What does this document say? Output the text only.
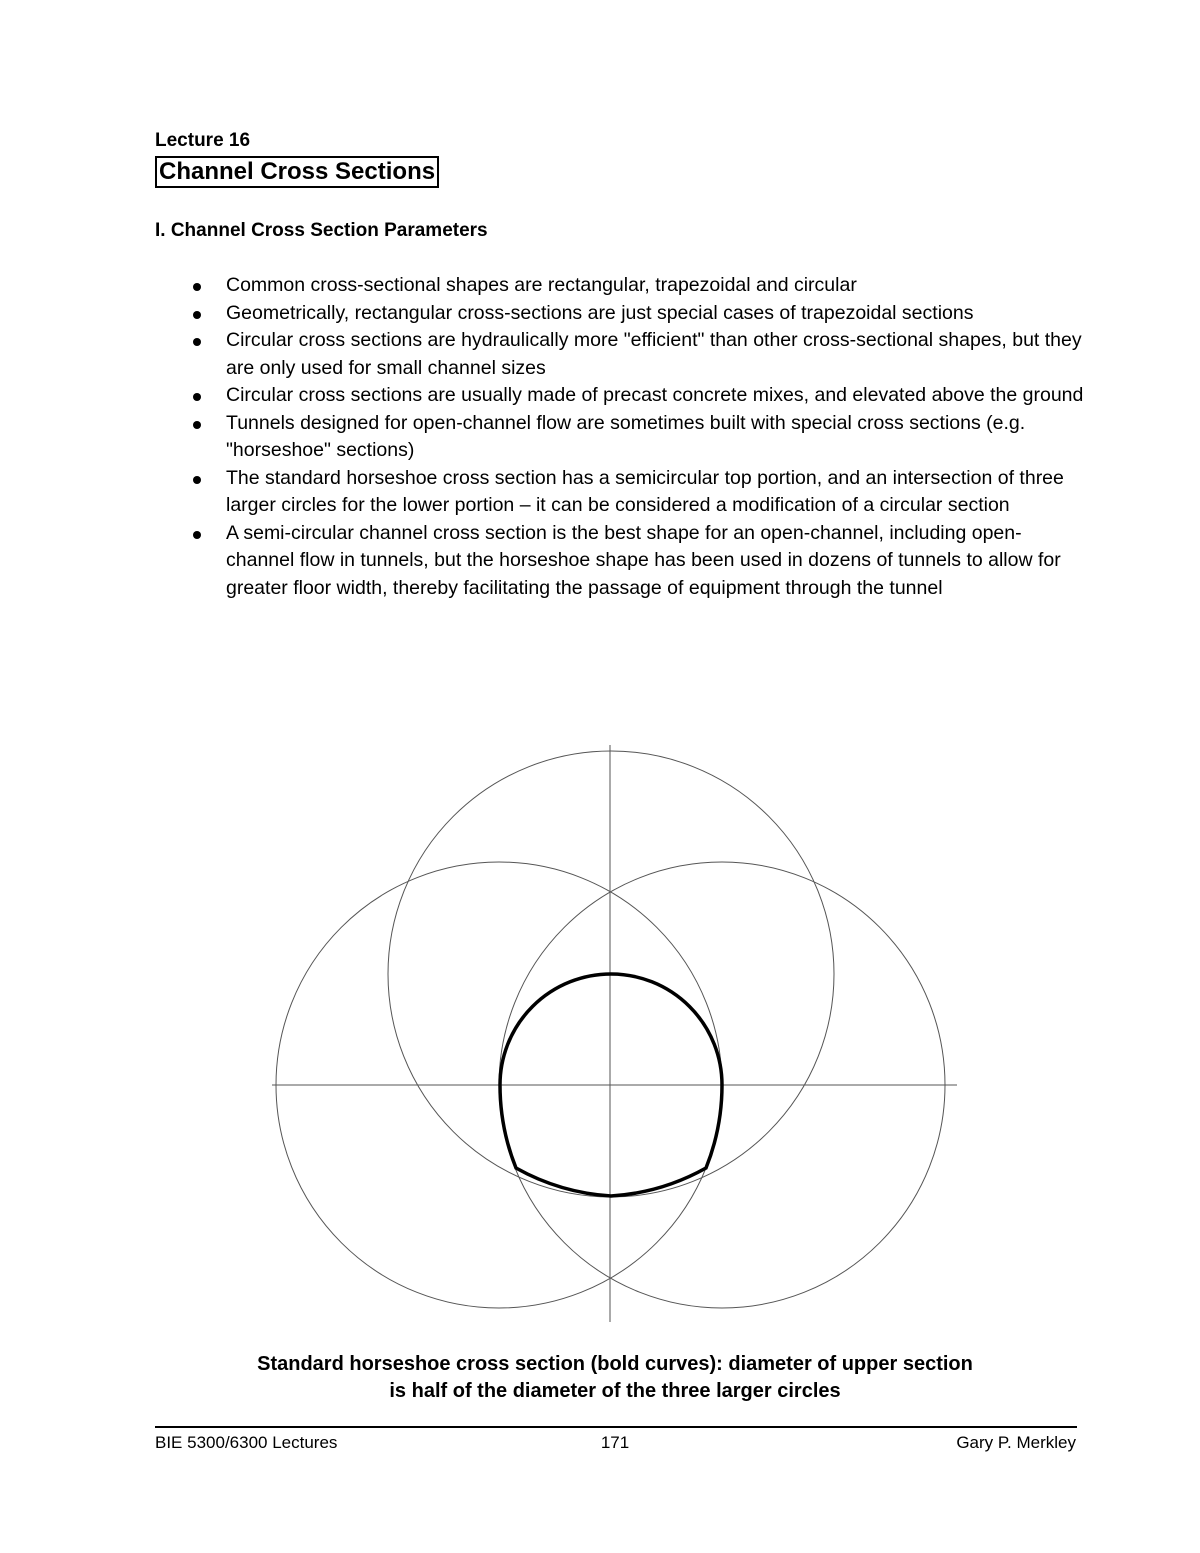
Lecture 16
Channel Cross Sections
I. Channel Cross Section Parameters
Common cross-sectional shapes are rectangular, trapezoidal and circular
Geometrically, rectangular cross-sections are just special cases of trapezoidal sections
Circular cross sections are hydraulically more "efficient" than other cross-sectional shapes, but they are only used for small channel sizes
Circular cross sections are usually made of precast concrete mixes, and elevated above the ground
Tunnels designed for open-channel flow are sometimes built with special cross sections (e.g. "horseshoe" sections)
The standard horseshoe cross section has a semicircular top portion, and an intersection of three larger circles for the lower portion – it can be considered a modification of a circular section
A semi-circular channel cross section is the best shape for an open-channel, including open-channel flow in tunnels, but the horseshoe shape has been used in dozens of tunnels to allow for greater floor width, thereby facilitating the passage of equipment through the tunnel
Standard horseshoe cross section (bold curves): diameter of upper section
is half of the diameter of the three larger circles
BIE 5300/6300 Lectures	171	Gary P. Merkley
